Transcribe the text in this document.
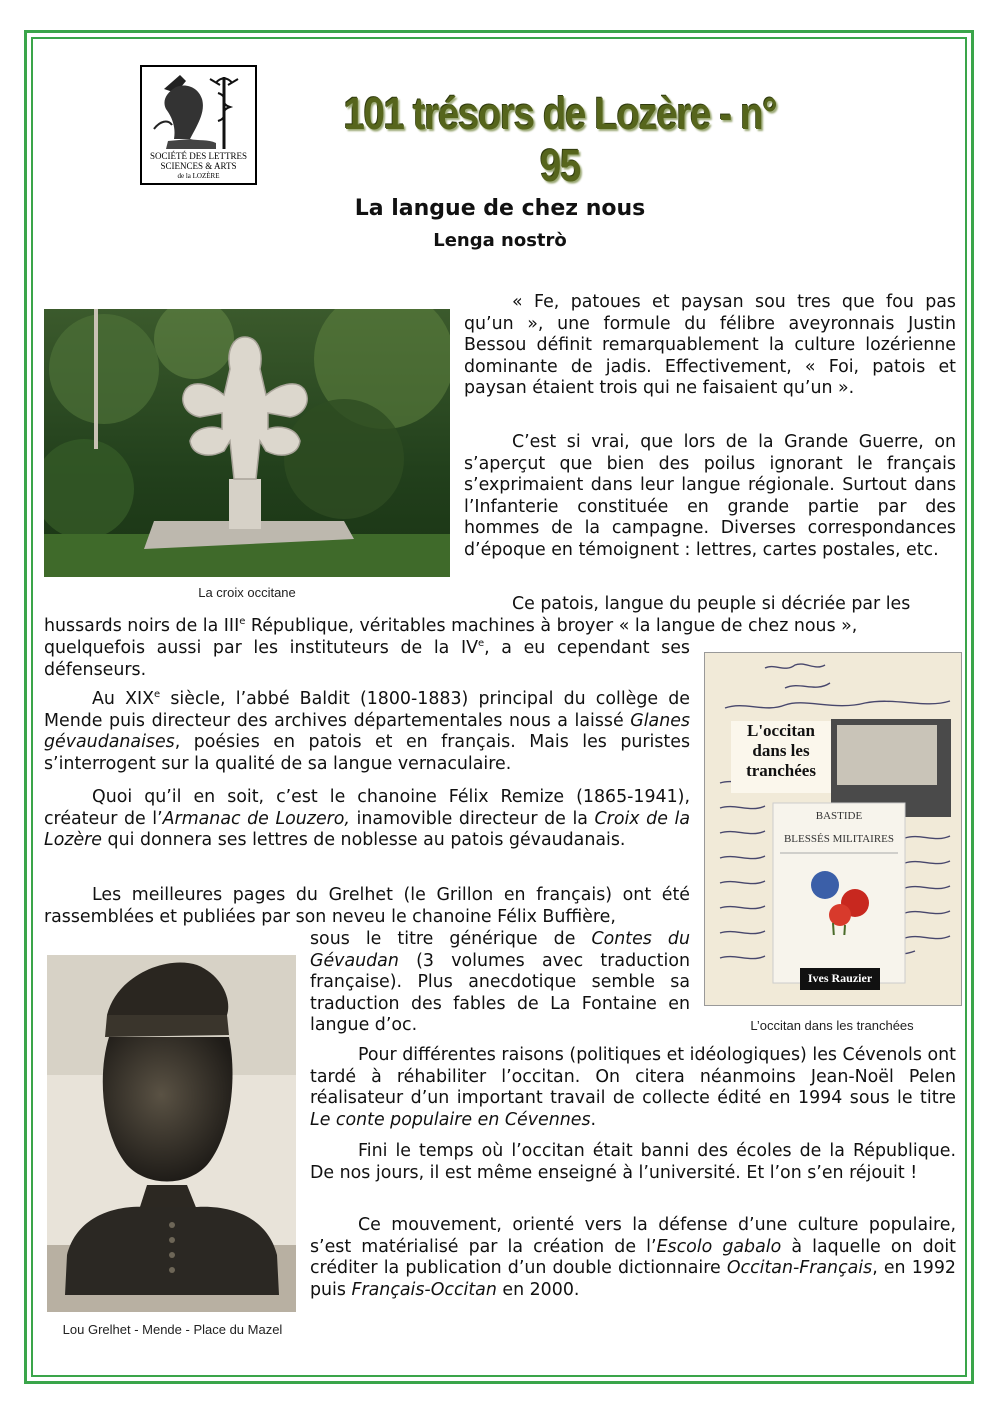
SOCIÉTÉ DES LETTRES
SCIENCES & ARTS
de la LOZÈRE
101 trésors de Lozère - n° 95
La langue de chez nous
Lenga nostrò
La croix occitane
L'occitan
dans les
tranchées
BASTIDE
BLESSÉS MILITAIRES
Ives Rauzier
L’occitan dans les tranchées
Lou Grelhet - Mende - Place du Mazel

« Fe, patoues et paysan sou tres que fou pas qu’un », une formule du félibre aveyronnais Justin Bessou définit remarquablement la culture lozérienne dominante de jadis. Effectivement, « Foi, patois et paysan étaient trois qui ne faisaient qu’un ».

C’est si vrai, que lors de la Grande Guerre, on s’aperçut que bien des poilus ignorant le français s’exprimaient dans leur langue régionale. Surtout dans l’Infanterie constituée en grande partie par des hommes de la campagne. Diverses correspondances d’époque en témoignent : lettres, cartes postales, etc.

Ce patois, langue du peuple si décriée par les

hussards noirs de la IIIe République, véritables machines à broyer « la langue de chez nous »,

quelquefois aussi par les instituteurs de la IVe, a eu cependant ses défenseurs.

Au XIXe siècle, l’abbé Baldit (1800-1883) principal du collège de Mende puis directeur des archives départementales nous a laissé Glanes gévaudanaises, poésies en patois et en français. Mais les puristes s’interrogent sur la qualité de sa langue vernaculaire.

Quoi qu’il en soit, c’est le chanoine Félix Remize (1865-1941), créateur de l’Armanac de Louzero, inamovible directeur de la Croix de la Lozère qui donnera ses lettres de noblesse au patois gévaudanais.

Les meilleures pages du Grelhet (le Grillon en français) ont été rassemblées et publiées par son neveu le chanoine Félix Buffière,

sous le titre générique de Contes du Gévaudan (3 volumes avec traduction française). Plus anecdotique semble sa traduction des fables de La Fontaine en langue d’oc.

Pour différentes raisons (politiques et idéologiques) les Cévenols ont tardé à réhabiliter l’occitan. On citera néanmoins Jean-Noël Pelen réalisateur d’un important travail de collecte édité en 1994 sous le titre Le conte populaire en Cévennes.

Fini le temps où l’occitan était banni des écoles de la République. De nos jours, il est même enseigné à l’université. Et l’on s’en réjouit !

Ce mouvement, orienté vers la défense d’une culture populaire, s’est matérialisé par la création de l’Escolo gabalo à laquelle on doit créditer la publication d’un double dictionnaire Occitan-Français, en 1992 puis Français-Occitan en 2000.
